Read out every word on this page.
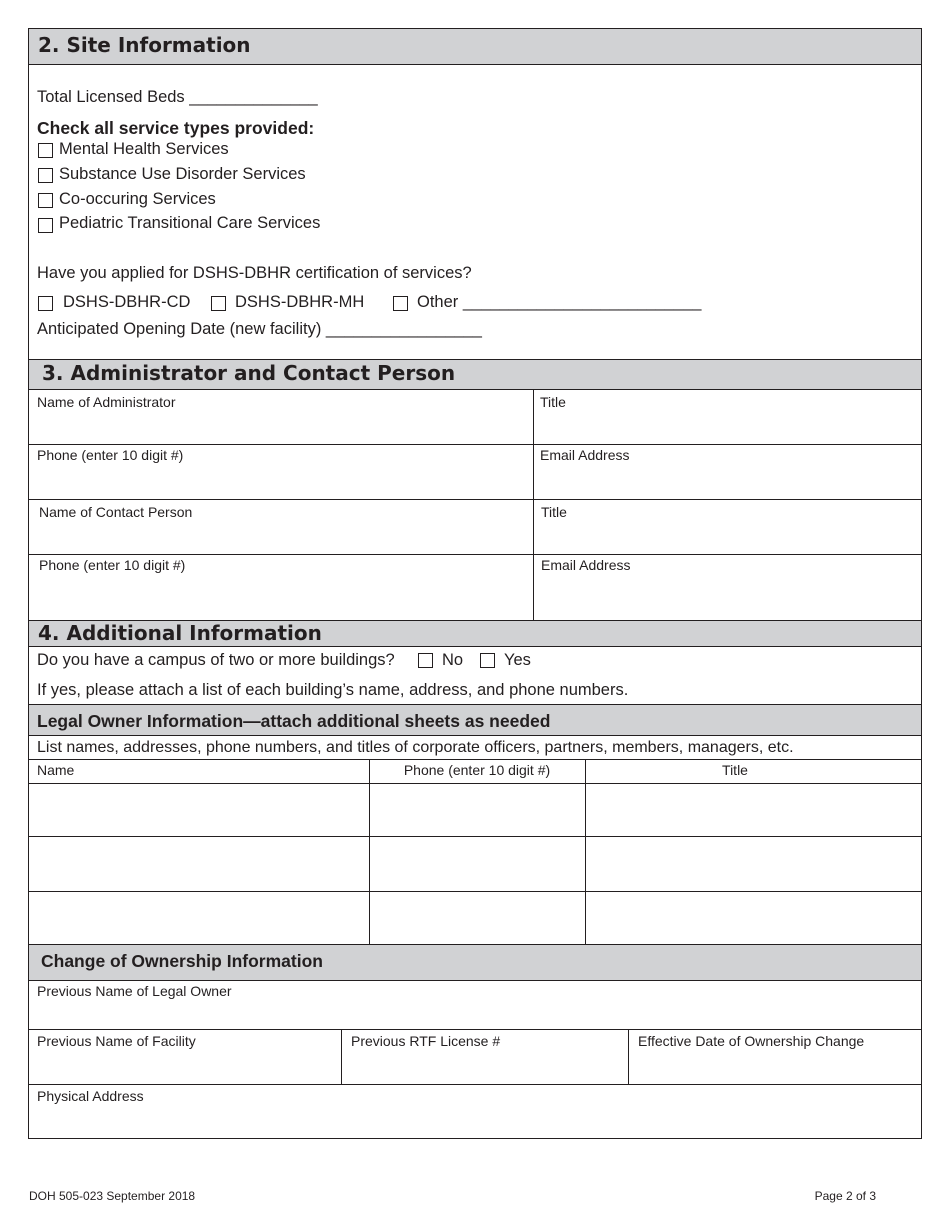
2. Site Information
Total Licensed Beds ______________
Check all service types provided:
Mental Health Services
Substance Use Disorder Services
Co-occuring Services
Pediatric Transitional Care Services
Have you applied for DSHS-DBHR certification of services?
DSHS-DBHR-CD	DSHS-DBHR-MH	Other __________________________
Anticipated Opening Date (new facility) _________________
3. Administrator and Contact Person
Name of Administrator	Title
Phone (enter 10 digit #)	Email Address
Name of Contact Person	Title
Phone (enter 10 digit #)	Email Address
4. Additional Information
Do you have a campus of two or more buildings?	No Yes
If yes, please attach a list of each building’s name, address, and phone numbers.
Legal Owner Information—attach additional sheets as needed
List names, addresses, phone numbers, and titles of corporate officers, partners, members, managers, etc.
Name	Phone (enter 10 digit #)	Title
Change of Ownership Information
Previous Name of Legal Owner
Previous Name of Facility	Previous RTF License #	Effective Date of Ownership Change
Physical Address
DOH 505-023 September 2018	Page 2 of 3
